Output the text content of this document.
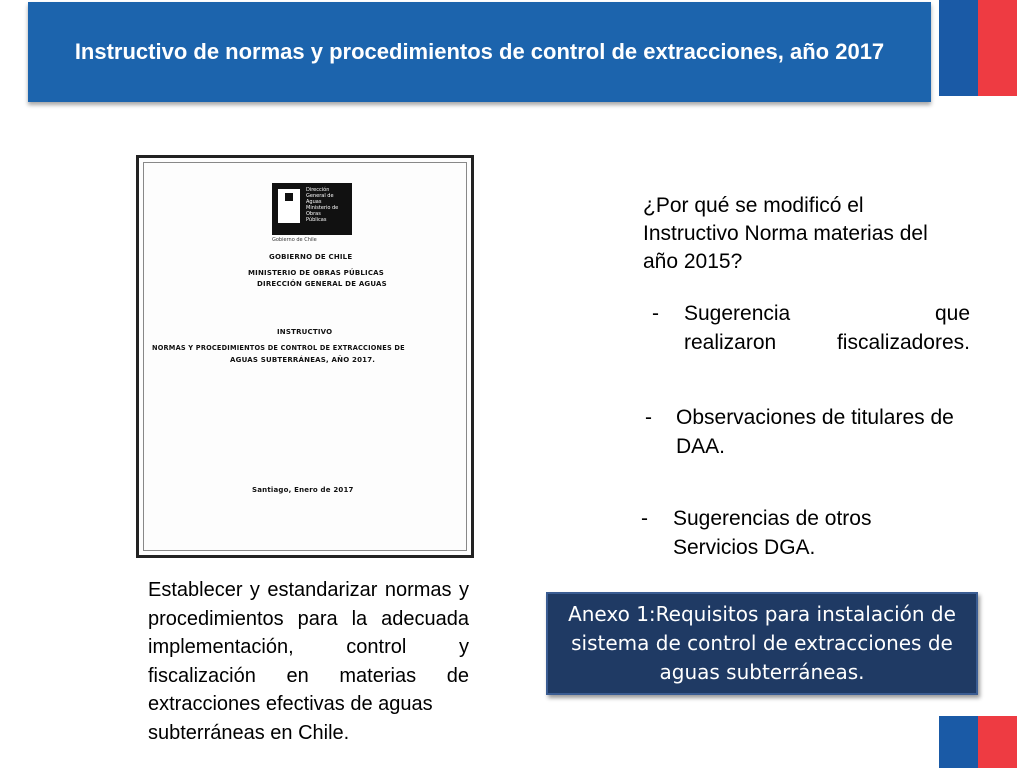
Instructivo de normas y procedimientos de control de extracciones, año 2017
Dirección
General de
Aguas
Ministerio de Obras
Públicas
Gobierno de Chile
GOBIERNO DE CHILE
MINISTERIO DE OBRAS PÚBLICAS
DIRECCIÓN GENERAL DE AGUAS
INSTRUCTIVO
NORMAS Y PROCEDIMIENTOS DE CONTROL DE EXTRACCIONES DE
AGUAS SUBTERRÁNEAS, AÑO 2017.
Santiago, Enero de 2017
¿Por qué se modificó el Instructivo Norma materias del año 2015?
- Sugerencia                 que
realizaron fiscalizadores.
- Observaciones de titulares de DAA.
- Sugerencias de otros Servicios DGA.
Establecer y estandarizar normas y procedimientos para la adecuada implementación, control y fiscalización en materias de extracciones efectivas de aguas
subterráneas en Chile.
Anexo 1:Requisitos para instalación de sistema de control de extracciones de aguas subterráneas.
